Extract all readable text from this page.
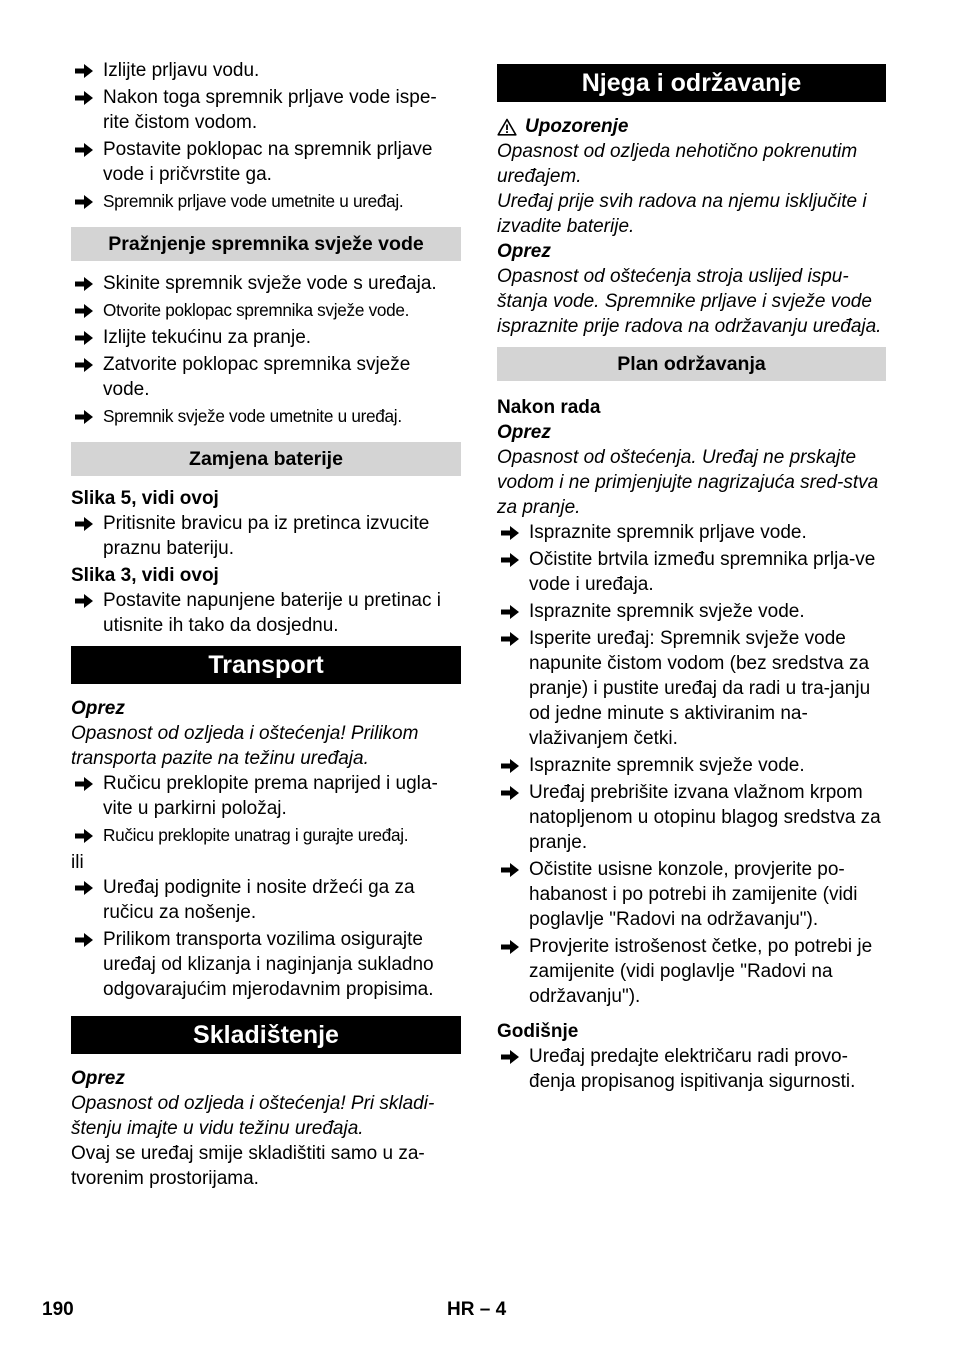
Izlijte prljavu vodu.
Nakon toga spremnik prljave vode ispe-rite čistom vodom.
Postavite poklopac na spremnik prljave vode i pričvrstite ga.
Spremnik prljave vode umetnite u uređaj.
Pražnjenje spremnika svježe vode
Skinite spremnik svježe vode s uređaja.
Otvorite poklopac spremnika svježe vode.
Izlijte tekućinu za pranje.
Zatvorite poklopac spremnika svježe vode.
Spremnik svježe vode umetnite u uređaj.
Zamjena baterije

Slika 5, vidi ovoj

Pritisnite bravicu pa iz pretinca izvucite praznu bateriju.

Slika 3, vidi ovoj

Postavite napunjene baterije u pretinac i utisnite ih tako da dosjednu.
Transport

Oprez

Opasnost od ozljeda i oštećenja! Prilikom transporta pazite na težinu uređaja.

Ručicu preklopite prema naprijed i ugla-vite u parkirni položaj.
Ručicu preklopite unatrag i gurajte uređaj.

ili

Uređaj podignite i nosite držeći ga za ručicu za nošenje.
Prilikom transporta vozilima osigurajte uređaj od klizanja i naginjanja sukladno odgovarajućim mjerodavnim propisima.
Skladištenje

Oprez

Opasnost od ozljeda i oštećenja! Pri skladi-štenju imajte u vidu težinu uređaja.

Ovaj se uređaj smije skladištiti samo u za-tvorenim prostorijama.

Njega i održavanje

Upozorenje

Opasnost od ozljeda nehotično pokrenutim uređajem.

Uređaj prije svih radova na njemu isključite i izvadite baterije.

Oprez

Opasnost od oštećenja stroja uslijed ispu-štanja vode. Spremnike prljave i svježe vode ispraznite prije radova na održavanju uređaja.

Plan održavanja

Nakon rada

Oprez

Opasnost od oštećenja. Uređaj ne prskajte vodom i ne primjenjujte nagrizajuća sred-stva za pranje.

Ispraznite spremnik prljave vode.
Očistite brtvila između spremnika prlja-ve vode i uređaja.
Ispraznite spremnik svježe vode.
Isperite uređaj: Spremnik svježe vode napunite čistom vodom (bez sredstva za pranje) i pustite uređaj da radi u tra-janju od jedne minute s aktiviranim na-vlaživanjem četki.
Ispraznite spremnik svježe vode.
Uređaj prebrišite izvana vlažnom krpom natopljenom u otopinu blagog sredstva za pranje.
Očistite usisne konzole, provjerite po-habanost i po potrebi ih zamijenite (vidi poglavlje "Radovi na održavanju").
Provjerite istrošenost četke, po potrebi je zamijenite (vidi poglavlje "Radovi na održavanju").

Godišnje

Uređaj predajte električaru radi provo-đenja propisanog ispitivanja sigurnosti.
190	HR – 4
